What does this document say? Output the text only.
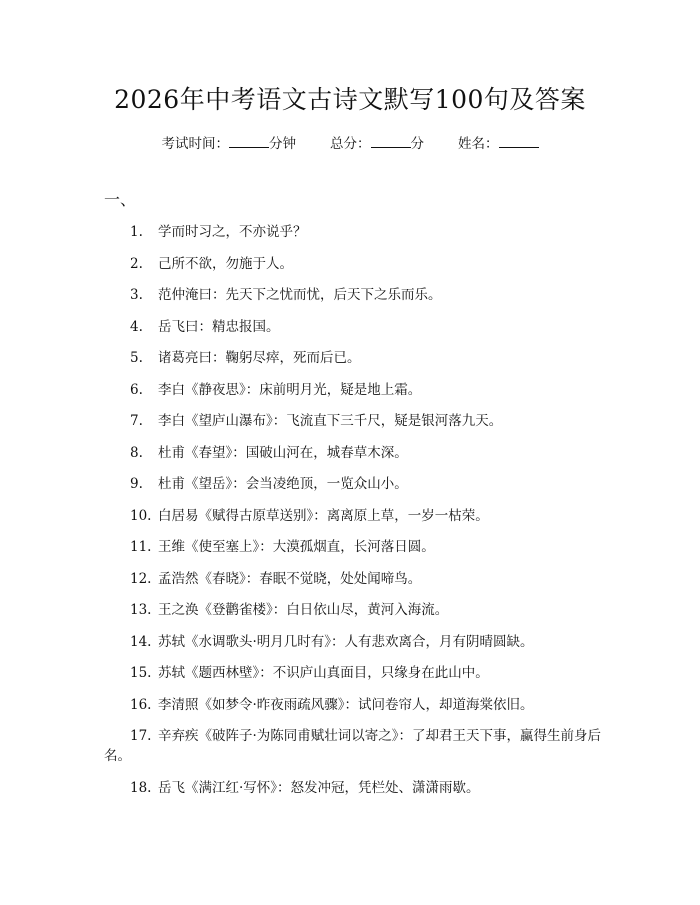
2026年中考语文古诗文默写100句及答案
考试时间：	分钟	总分：	分	姓名：
一、
1. 学而时习之，不亦说乎？
2. 己所不欲，勿施于人。
3. 范仲淹曰：先天下之忧而忧，后天下之乐而乐。
4. 岳飞曰：精忠报国。
5. 诸葛亮曰：鞠躬尽瘁，死而后已。
6. 李白《静夜思》：床前明月光，疑是地上霜。
7. 李白《望庐山瀑布》：飞流直下三千尺，疑是银河落九天。
8. 杜甫《春望》：国破山河在，城春草木深。
9. 杜甫《望岳》：会当凌绝顶，一览众山小。
10. 白居易《赋得古原草送别》：离离原上草，一岁一枯荣。
11. 王维《使至塞上》：大漠孤烟直，长河落日圆。
12. 孟浩然《春晓》：春眠不觉晓，处处闻啼鸟。
13. 王之涣《登鹳雀楼》：白日依山尽，黄河入海流。
14. 苏轼《水调歌头·明月几时有》：人有悲欢离合，月有阴晴圆缺。
15. 苏轼《题西林壁》：不识庐山真面目，只缘身在此山中。
16. 李清照《如梦令·昨夜雨疏风骤》：试问卷帘人，却道海棠依旧。
17. 辛弃疾《破阵子·为陈同甫赋壮词以寄之》：了却君王天下事，赢得生前身后名。
18. 岳飞《满江红·写怀》：怒发冲冠，凭栏处、潇潇雨歇。
